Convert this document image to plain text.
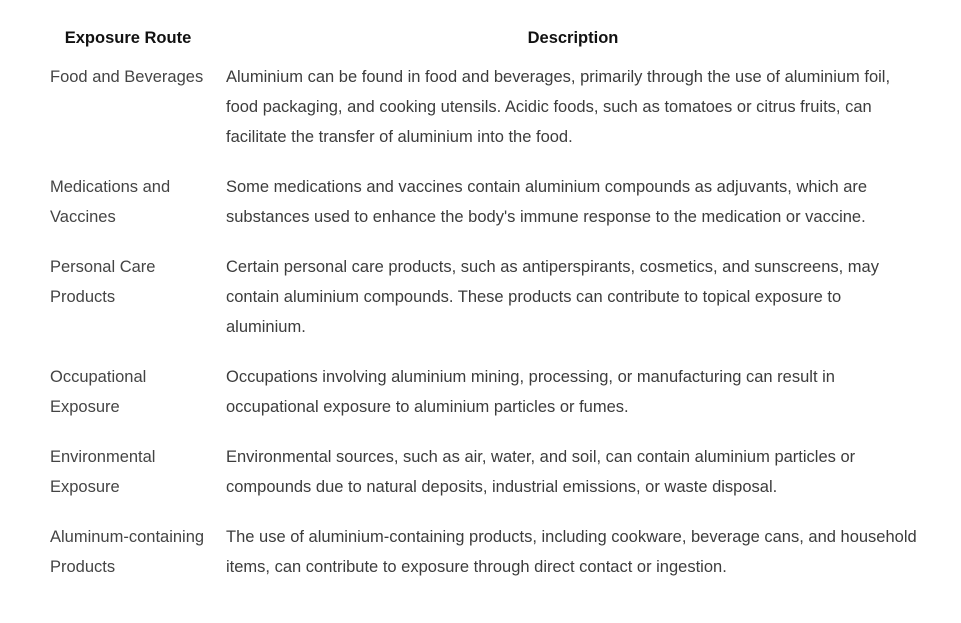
Exposure Route	Description
Food and Beverages	Aluminium can be found in food and beverages, primarily through the use of aluminium foil, food packaging, and cooking utensils. Acidic foods, such as tomatoes or citrus fruits, can facilitate the transfer of aluminium into the food.
Medications and Vaccines	Some medications and vaccines contain aluminium compounds as adjuvants, which are substances used to enhance the body's immune response to the medication or vaccine.
Personal Care Products	Certain personal care products, such as antiperspirants, cosmetics, and sunscreens, may contain aluminium compounds. These products can contribute to topical exposure to aluminium.
Occupational Exposure	Occupations involving aluminium mining, processing, or manufacturing can result in occupational exposure to aluminium particles or fumes.
Environmental Exposure	Environmental sources, such as air, water, and soil, can contain aluminium particles or compounds due to natural deposits, industrial emissions, or waste disposal.
Aluminum-containing Products	The use of aluminium-containing products, including cookware, beverage cans, and household items, can contribute to exposure through direct contact or ingestion.
